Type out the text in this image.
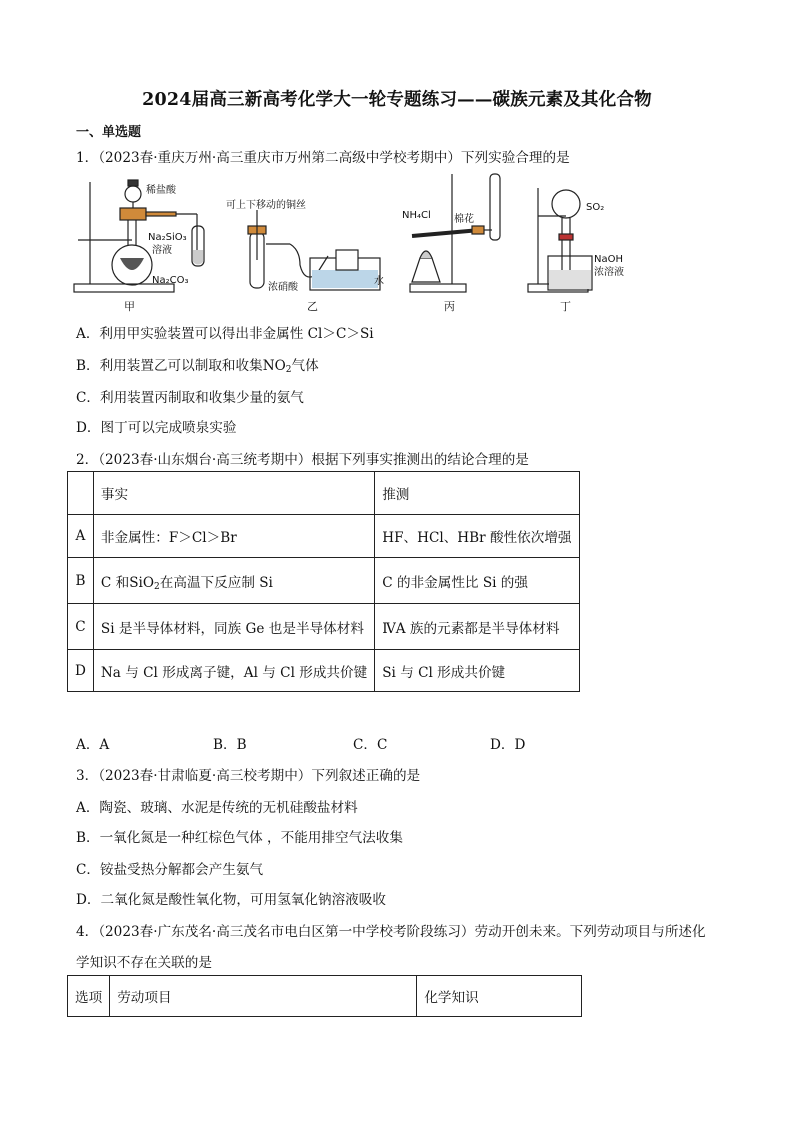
2024届高三新高考化学大一轮专题练习——碳族元素及其化合物
一、单选题
1．（2023春·重庆万州·高三重庆市万州第二高级中学校考期中）下列实验合理的是
稀盐酸
Na₂SiO₃
溶液
Na₂CO₃
甲
可上下移动的铜丝
浓硝酸
水
乙
NH₄Cl 棉花
丙
SO₂
NaOH
浓溶液
丁
A．利用甲实验装置可以得出非金属性 Cl＞C＞Si
B．利用装置乙可以制取和收集$NO_2$气体
C．利用装置丙制取和收集少量的氨气
D．图丁可以完成喷泉实验
2．（2023春·山东烟台·高三统考期中）根据下列事实推测出的结论合理的是
	事实	推测
A	非金属性：F＞Cl＞Br	HF、HCl、HBr 酸性依次增强
B	C 和SiO$_2$在高温下反应制 Si	C 的非金属性比 Si 的强
C	Si 是半导体材料，同族 Ge 也是半导体材料	ⅣA 族的元素都是半导体材料
D	Na 与 Cl 形成离子键，Al 与 Cl 形成共价键	Si 与 Cl 形成共价键
A．A	B．B	C．C	D．D
3．（2023春·甘肃临夏·高三校考期中）下列叙述正确的是
A．陶瓷、玻璃、水泥是传统的无机硅酸盐材料
B．一氧化氮是一种红棕色气体 ，不能用排空气法收集
C．铵盐受热分解都会产生氨气
D．二氧化氮是酸性氧化物，可用氢氧化钠溶液吸收
4．（2023春·广东茂名·高三茂名市电白区第一中学校考阶段练习）劳动开创未来。下列劳动项目与所述化
学知识不存在关联的是
选项	劳动项目	化学知识
